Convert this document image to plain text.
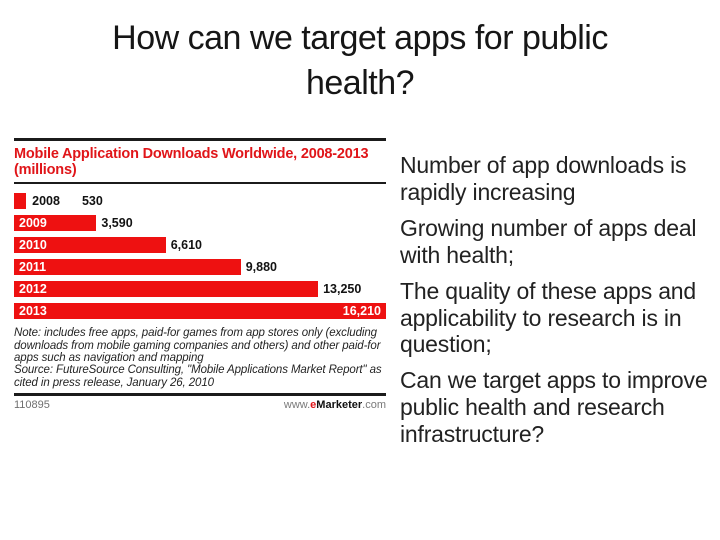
How can we target apps for public health?
Mobile Application Downloads Worldwide, 2008-2013
(millions)
2008 530
2009	3,590
2010	6,610
2011	9,880
2012	13,250
2013	16,210

Note: includes free apps, paid-for games from app stores only (excluding downloads from mobile gaming companies and others) and other paid-for apps such as navigation and mapping

Source: FutureSource Consulting, "Mobile Applications Market Report" as cited in press release, January 26, 2010

110895	www.eMarketer.com

Number of app downloads is rapidly increasing

Growing number of apps deal with health;

The quality of these apps and applicability to research is in question;

Can we target apps to improve public health and research infrastructure?
